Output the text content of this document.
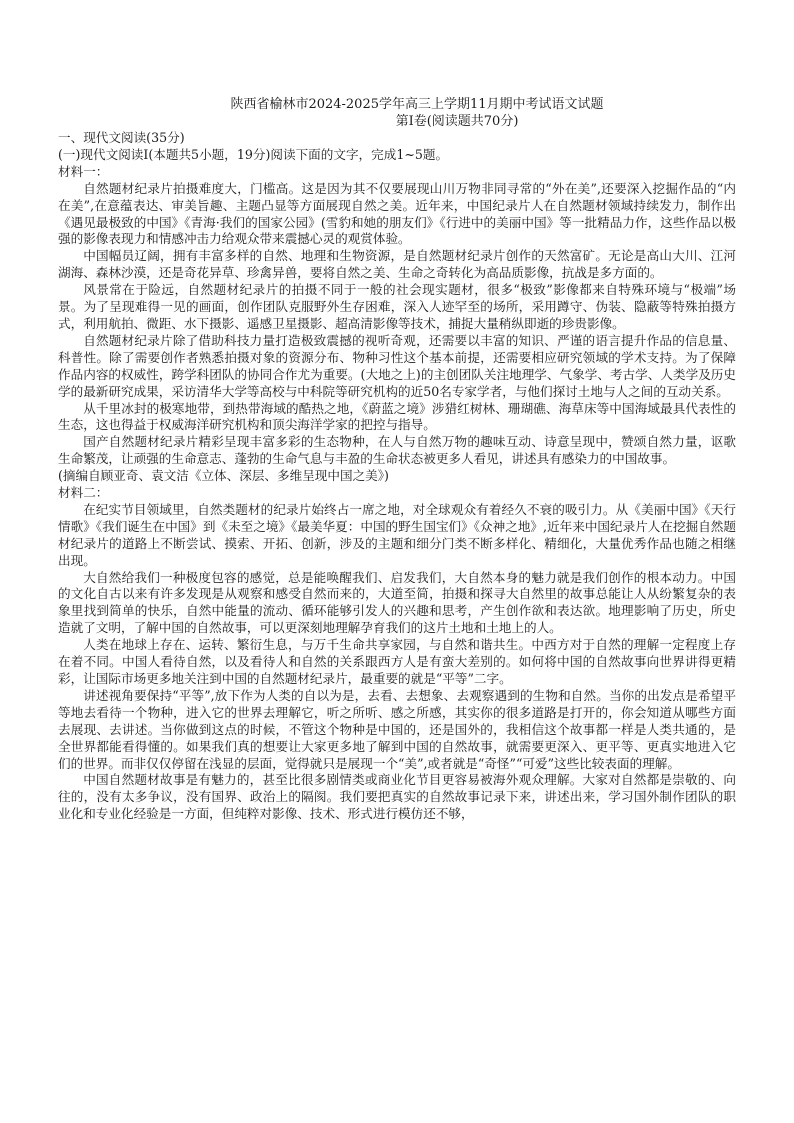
陕西省榆林市2024-2025学年高三上学期11月期中考试语文试题
第I卷(阅读题共70分)
一、现代文阅读(35分)
(一)现代文阅读I(本题共5小题，19分)阅读下面的文字，完成1~5题。
材料一：

自然题材纪录片拍摄难度大，门槛高。这是因为其不仅要展现山川万物非同寻常的“外在美”,还要深入挖掘作品的“内在美”,在意蕴表达、审美旨趣、主题凸显等方面展现自然之美。近年来，中国纪录片人在自然题材领域持续发力，制作出《遇见最极致的中国》《青海·我们的国家公园》(雪豹和她的朋友们》《行进中的美丽中国》等一批精品力作，这些作品以极强的影像表现力和情感冲击力给观众带来震撼心灵的观赏体验。

中国幅员辽阔，拥有丰富多样的自然、地理和生物资源，是自然题材纪录片创作的天然富矿。无论是高山大川、江河湖海、森林沙漠，还是奇花异草、珍禽异兽，要将自然之美、生命之奇转化为高品质影像，抗战是多方面的。

风景常在于险远，自然题材纪录片的拍摄不同于一般的社会现实题材，很多“极致”影像都来自特殊环境与“极端”场景。为了呈现难得一见的画面，创作团队克服野外生存困难，深入人迹罕至的场所，采用蹲守、伪装、隐蔽等特殊拍摄方式，利用航拍、微距、水下摄影、遥感卫星摄影、超高清影像等技术，捕捉大量稍纵即逝的珍贵影像。

自然题材纪录片除了借助科技力量打造极致震撼的视听奇观，还需要以丰富的知识、严谨的语言提升作品的信息量、科普性。除了需要创作者熟悉拍摄对象的资源分布、物种习性这个基本前提，还需要相应研究领域的学术支持。为了保障作品内容的权威性，跨学科团队的协同合作尤为重要。(大地之上)的主创团队关注地理学、气象学、考古学、人类学及历史学的最新研究成果，采访清华大学等高校与中科院等研究机构的近50名专家学者，与他们探讨土地与人之间的互动关系。

从千里冰封的极寒地带，到热带海域的酷热之地，《蔚蓝之境》涉猎红树林、珊瑚礁、海草床等中国海域最具代表性的生态，这也得益于权威海洋研究机构和顶尖海洋学家的把控与指导。

国产自然题材纪录片精彩呈现丰富多彩的生态物种，在人与自然万物的趣味互动、诗意呈现中，赞颂自然力量，讴歌生命繁茂，让顽强的生命意志、蓬勃的生命气息与丰盈的生命状态被更多人看见，讲述具有感染力的中国故事。

(摘编自顾亚奇、袁文洁《立体、深层、多维呈现中国之美》)
材料二：

在纪实节目领域里，自然类题材的纪录片始终占一席之地，对全球观众有着经久不衰的吸引力。从《美丽中国》《天行情歌》《我们诞生在中国》到《未至之境》《最美华夏：中国的野生国宝们》《众神之地》,近年来中国纪录片人在挖掘自然题材纪录片的道路上不断尝试、摸索、开拓、创新，涉及的主题和细分门类不断多样化、精细化，大量优秀作品也随之相继出现。

大自然给我们一种极度包容的感觉，总是能唤醒我们、启发我们，大自然本身的魅力就是我们创作的根本动力。中国的文化自古以来有许多发现是从观察和感受自然而来的，大道至简，拍摄和探寻大自然里的故事总能让人从纷繁复杂的表象里找到简单的快乐，自然中能量的流动、循环能够引发人的兴趣和思考，产生创作欲和表达欲。地理影响了历史，所史造就了文明，了解中国的自然故事，可以更深刻地理解孕育我们的这片土地和土地上的人。

人类在地球上存在、运转、繁衍生息，与万千生命共享家园，与自然和谐共生。中西方对于自然的理解一定程度上存在着不同。中国人看待自然，以及看待人和自然的关系跟西方人是有蛮大差别的。如何将中国的自然故事向世界讲得更精彩，让国际市场更多地关注到中国的自然题材纪录片，最重要的就是“平等”二字。

讲述视角要保持“平等”,放下作为人类的自以为是，去看、去想象、去观察遇到的生物和自然。当你的出发点是希望平等地去看待一个物种，进入它的世界去理解它，听之所听、感之所感，其实你的很多道路是打开的，你会知道从哪些方面去展现、去讲述。当你做到这点的时候，不管这个物种是中国的，还是国外的，我相信这个故事都一样是人类共通的，是全世界都能看得懂的。如果我们真的想要让大家更多地了解到中国的自然故事，就需要更深入、更平等、更真实地进入它们的世界。而非仅仅停留在浅显的层面，觉得就只是展现一个“美”,或者就是“奇怪”“可爱”这些比较表面的理解。

中国自然题材故事是有魅力的，甚至比很多剧情类或商业化节目更容易被海外观众理解。大家对自然都是崇敬的、向往的，没有太多争议，没有国界、政治上的隔阂。我们要把真实的自然故事记录下来，讲述出来，学习国外制作团队的职业化和专业化经验是一方面，但纯粹对影像、技术、形式进行模仿还不够，
